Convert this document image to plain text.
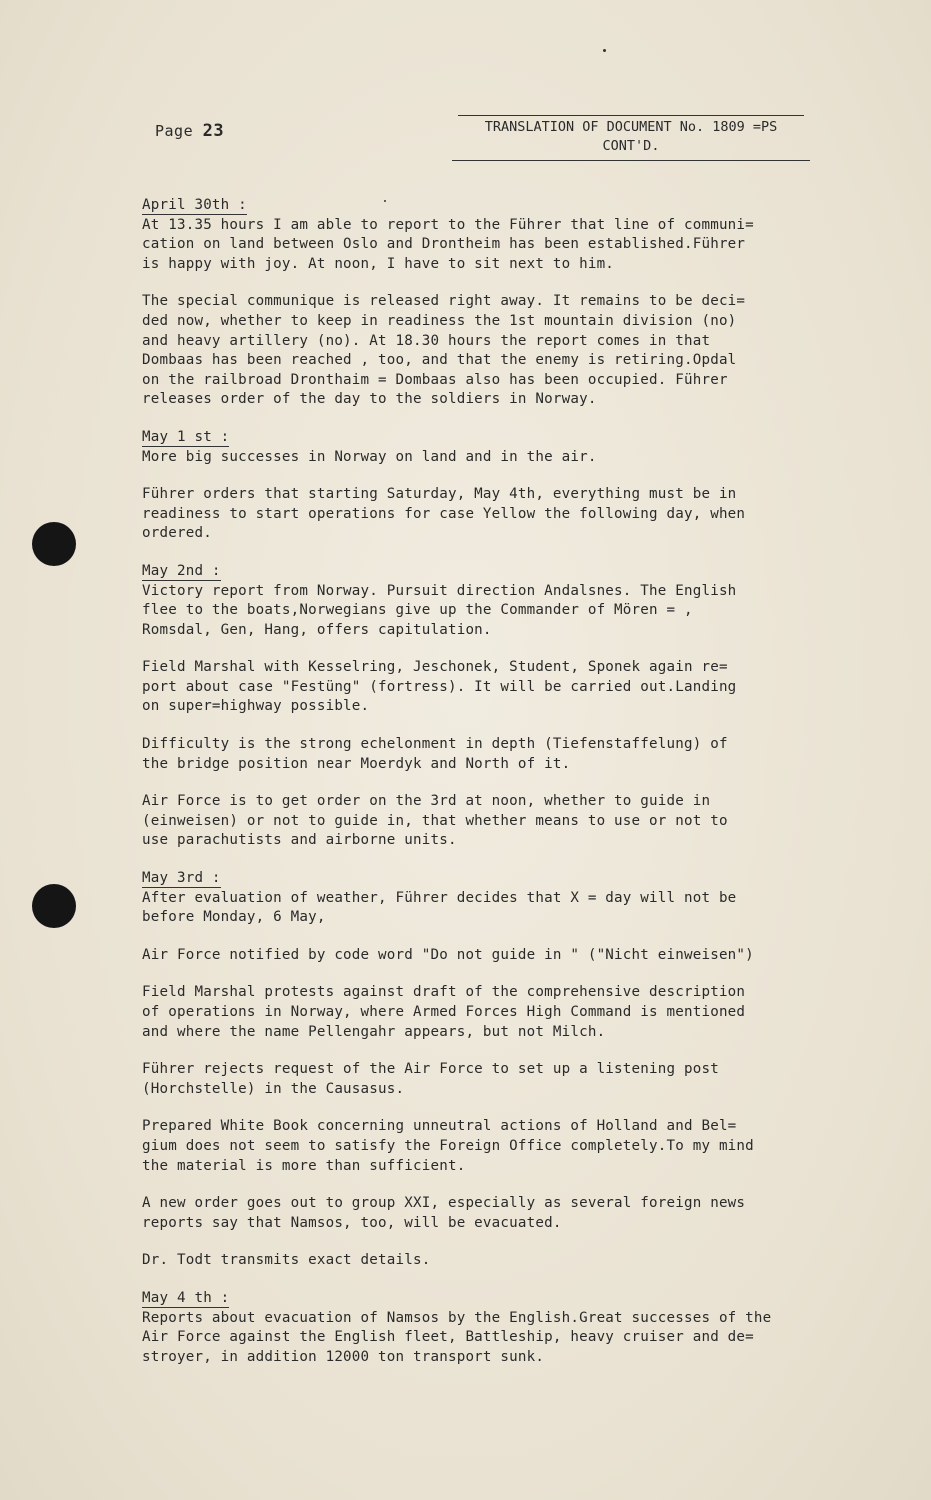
Page 23	TRANSLATION OF DOCUMENT No. 1809 =PS
CONT'D.

April 30th :

At 13.35 hours I am able to report to the Führer that line of communi=
cation on land between Oslo and Drontheim has been established.Führer
is happy with joy. At noon, I have to sit next to him.

The special communique is released right away. It remains to be deci=
ded now, whether to keep in readiness the 1st mountain division (no)
and heavy artillery (no). At 18.30 hours the report comes in that
Dombaas has been reached , too, and that the enemy is retiring.Opdal
on the railbroad Dronthaim = Dombaas also has been occupied. Führer
releases order of the day to the soldiers in Norway.

May 1 st :

More big successes in Norway on land and in the air.

Führer orders that starting Saturday, May 4th, everything must be in
readiness to start operations for case Yellow the following day, when
ordered.

May 2nd :

Victory report from Norway. Pursuit direction Andalsnes. The English
flee to the boats,Norwegians give up the Commander of Mören = ,
Romsdal, Gen, Hang, offers capitulation.

Field Marshal with Kesselring, Jeschonek, Student, Sponek again re=
port about case "Festüng" (fortress). It will be carried out.Landing
on super=highway possible.

Difficulty is the strong echelonment in depth (Tiefenstaffelung) of
the bridge position near Moerdyk and North of it.

Air Force is to get order on the 3rd at noon, whether to guide in
(einweisen) or not to guide in, that whether means to use or not to
use parachutists and airborne units.

May 3rd :

After evaluation of weather, Führer decides that X = day will not be
before Monday, 6 May,

Air Force notified by code word "Do not guide in " ("Nicht einweisen")

Field Marshal protests against draft of the comprehensive description
of operations in Norway, where Armed Forces High Command is mentioned
and where the name Pellengahr appears, but not Milch.

Führer rejects request of the Air Force to set up a listening post
(Horchstelle) in the Causasus.

Prepared White Book concerning unneutral actions of Holland and Bel=
gium does not seem to satisfy the Foreign Office completely.To my mind
the material is more than sufficient.

A new order goes out to group XXI, especially as several foreign news
reports say that Namsos, too, will be evacuated.

Dr. Todt transmits exact details.

May 4 th :

Reports about evacuation of Namsos by the English.Great successes of the
Air Force against the English fleet, Battleship, heavy cruiser and de=
stroyer, in addition 12000 ton transport sunk.
